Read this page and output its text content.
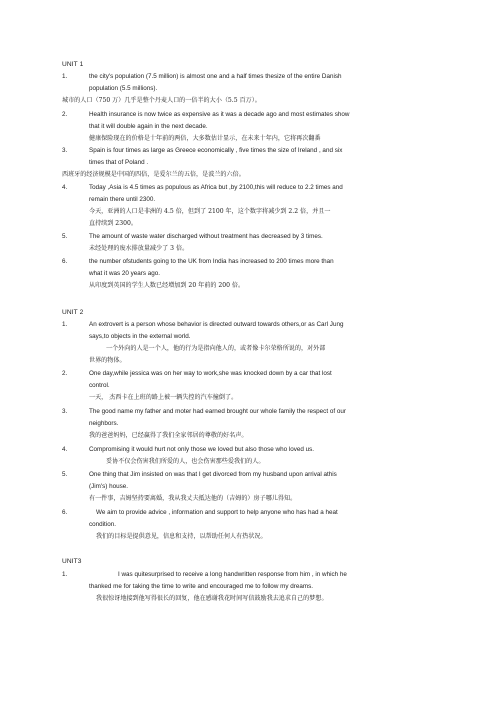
UNIT 1
1.	the city's population (7.5 million) is almost one and a half times thesize of the entire Danish
population (5.5 millions).
城市的人口（750 万）几乎是整个丹麦人口的一倍半的大小（5.5 百万）。
2.	Health insurance is now twice as expensive as it was a decade ago and most estimates show
that it will double again in the next decade.
健康保险现在的价格是十年前的两倍，大多数估计显示，在未来十年内，它将再次翻番
3.	Spain is four times as large as Greece economically , five times the size of Ireland , and six
times that of Poland .
西班牙的经济规模是中国的四倍，是爱尔兰的五倍，是波兰的六倍。
4.	Today ,Asia is 4.5 times as populous as Africa but ,by 2100,this will reduce to 2.2 times and
remain there until 2300.
今天，亚洲的人口是非洲的 4.5 倍，但到了 2100 年，这个数字将减少到 2.2 倍，并且一
直持续到 2300。
5.	The amount of waste water discharged without treatment has decreased by 3 times.
未经处理的废水排放量减少了 3 倍。
6.	the number ofstudents going to the UK from India has increased to 200 times more than
what it was 20 years ago.
从印度到英国的学生人数已经增加到 20 年前的 200 倍。
UNIT 2
1.	An extrovert is a person whose behavior is directed outward towards others,or as Carl Jung
says,to objects in the external world.
一个外向的人是一个人，他的行为是指向他人的，或者像卡尔荣格所说的，对外部
世界的物体。
2.	One day,while jessica was on her way to work,she was knocked down by a car that lost
control.
一天， 杰西卡在上班的路上被一辆失控的汽车撞倒了。
3.	The good name my father and moter had earned brought our whole family the respect of our
neighbors.
我的爸爸妈妈，已经赢得了我们全家邻居的尊敬的好名声。
4.	Compromising it would hurt not only those we loved but also those who loved us.
妥协不仅会伤害我们所爱的人，也会伤害那些爱我们的人。
5.	One thing that Jim insisted on was that I get divorced from my husband upon arrival athis
(Jim's) house.
有一件事，吉姆坚持要离婚，我从我丈夫抵达他的（吉姆的）房子哪儿得知。
6.	We aim to provide advice , information and support to help anyone who has had a heat
condition.
我们的目标是提供意见，信息和支持，以帮助任何人有热状况。
UNIT3
1.	I was quitesurprised to receive a long handwritten response from him , in which he
thanked me for taking the time to write and encouraged me to follow my dreams.
我很惊讶地接到他写得很长的回复，他在感谢我花时间写信鼓励我去追求自己的梦想。
